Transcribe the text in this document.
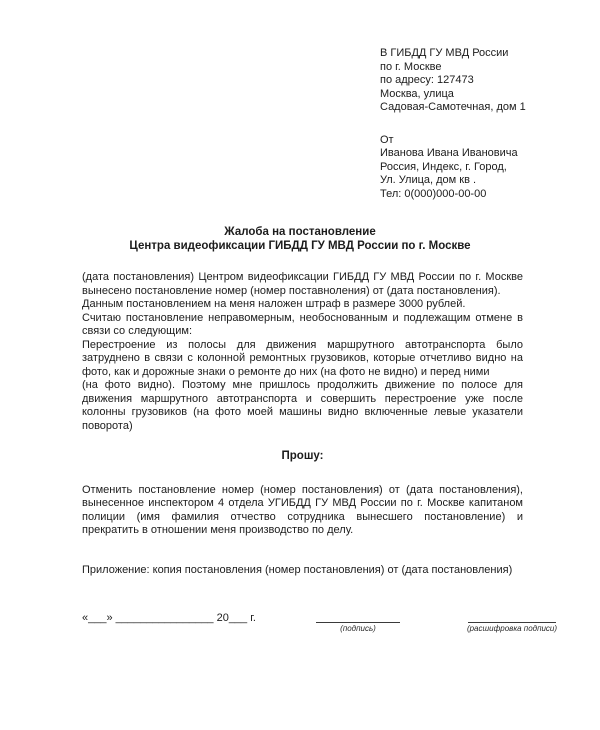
В ГИБДД ГУ МВД России
по г. Москве
по адресу: 127473
Москва, улица
Садовая-Самотечная, дом 1
От
Иванова Ивана Ивановича
Россия, Индекс, г. Город,
Ул. Улица, дом кв .
Тел: 0(000)000-00-00
Жалоба на постановление
Центра видеофиксации ГИБДД ГУ МВД России по г. Москве
(дата постановления) Центром видеофиксации ГИБДД ГУ МВД России по г. Москве
вынесено постановление номер (номер поставноления) от (дата постановления).
Данным постановлением на меня наложен штраф в размере 3000 рублей.
Считаю постановление неправомерным, необоснованным и подлежащим отмене в
связи со следующим:
Перестроение из полосы для движения маршрутного автотранспорта было
затруднено в связи с колонной ремонтных грузовиков, которые отчетливо видно на
фото, как и дорожные знаки о ремонте до них (на фото не видно) и перед ними
(на фото видно). Поэтому мне пришлось продолжить движение по полосе для
движения маршрутного автотранспорта и совершить перестроение уже после
колонны грузовиков (на фото моей машины видно включенные левые указатели
поворота)
Прошу:
Отменить постановление номер (номер постановления) от (дата постановления),
вынесенное инспектором 4 отдела УГИБДД ГУ МВД России по г. Москве капитаном
полиции (имя фамилия отчество сотрудника вынесшего постановление) и
прекратить в отношении меня производство по делу.
Приложение: копия постановления (номер постановления) от (дата постановления)
«___» ________________ 20___ г.
(подпись)	(расшифровка подписи)
